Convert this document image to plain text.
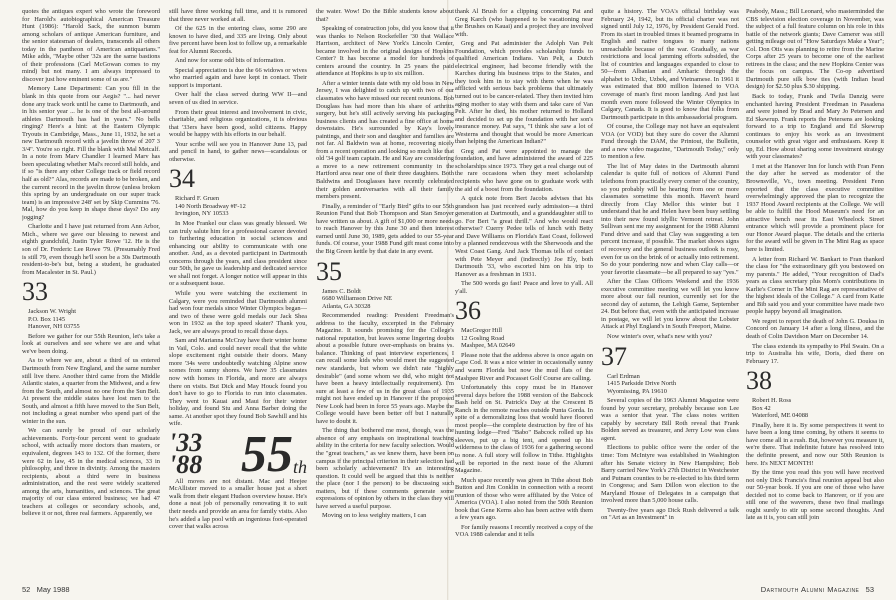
quotes the antiques expert who wrote the foreword for Harold's autobiographical American Treasure Hunt (1986): "Harold Sack, the sunmon bumm among scholars of antique American furniture, and the senior statesman of dealers, transcends all others today in the pantheon of American antiquarians." Mike adds, "Maybe other '32s are the same bastions of their professions (Carl McGowan comes to my mind) but not many. I am always impressed to discover just how eminent some of us are."

Memory Lane Department: Can you fill in the blank in this quote from our Aegis? "... had never done any track work until he came to Dartmouth, and in his senior year ... he is one of the best all-around athletes Dartmouth has had in years." No bells ringing? Here's a hint: at the Eastern Olympic Tryouts in Cambridge, Mass., June 11, 1932, he set a new Dartmouth record with a javelin throw of 207 3 3/4". You're so right. Fill the blank with Mal Metcalf. In a note from Marv Chandler I learned Marv has been speculating whether Mal's record still holds, and if so "is there any other College track or field record half as old?" Alas, records are made to be broken, and the current record in the javelin throw (unless broken this spring by an undergraduate on our super track team) is an impressive 248' set by Skip Cummins '76. Mal, how do you keep in shape these days? Do any jogging?

Charlotte and I have just returned from Ann Arbor, Mich., where we gave our blessing to newest and eighth grandchild, Justin Tyler Rowe '12. He is the son of Dr. Frederic Lee Rowe '79. (Presumably Fred is still 79, even though he'll soon be a 30s Dartmouth resident-to-be's but, being a student, he graduated from Macalester in St. Paul.)

33

Jackson W. Wright
P.O. Box 1145
Hanover, NH 03755

Before we gather for our 55th Reunion, let's take a look at ourselves and see where we are and what we've been doing.

As to where we are, about a third of us entered Dartmouth from New England, and the same number still live there. Another third came from the Middle Atlantic states, a quarter from the Midwest, and a few from the South, and almost no one from the Sun Belt. At present the middle states have lost men to the South, and almost a fifth have moved to the Sun Belt, not including a great number who spend part of the winter in the sun.

We can surely be proud of our scholarly achievements. Forty-four percent went to graduate school, with actually more doctors than masters, or equivalent, degrees 143 to 132. Of the former, there were 62 in law, 45 in the medical sciences, 33 in philosophy, and three in divinity. Among the masters recipients, about a third were in business administration, and the rest were widely scattered among the arts, humanities, and sciences. The great majority of our class entered business; we had 47 teachers at colleges or secondary schools, and, believe it or not, three real farmers. Apparently, we

still have three working full time, and it is rumored that three never worked at all.

Of the 625 in the entering class, some 290 are known to have died, and 335 are living. Only about five percent have been lost to follow up, a remarkable feat for Alumni Records.

And now for some odd bits of information.

Special appreciation is due the 66 widows or wives who married again and have kept in contact. Their support is important.

Over half the class served during WW II—and seven of us died in service.

From their great interest and involvement in civic, charitable, and religious organizations, it is obvious that '33ers have been good, solid citizens. Happy would be happy with his efforts in our behalf.

Your scribe will see you in Hanover June 13, pad and pencil in hand, to gather news—scandalous or otherwise.

34

Richard F. Gruen
140 North Broadway #F-12
Irvington, NY 10533

In Moe Frankel our class was greatly blessed. We can truly salute him for a professional career devoted to furthering education in social sciences and enhancing our ability to communicate with one another. And, as a devoted participant in Dartmouth concerns through the years, and class president since our 50th, he gave us leadership and dedicated service we shall not forget. A longer notice will appear in this or a subsequent issue.

While you were watching the excitement in Calgary, were you reminded that Dartmouth alumni had won four medals since Winter Olympics began—and two of these were gold medals our Jack Shea won in 1932 as the top speed skater? Thank you, Jack, we are always proud to recall those days.

Sam and Marianna McCray have their winter home in Vail, Colo. and could never recall that the white slope excitement right outside their doors. Many more '34s were undoubtedly watching Alpine snow scenes from sunny shores. We have 35 classmates now with homes in Florida, and more are always there on visits. But Dick and May Houck found you don't have to go to Florida to run into classmates. They went to Kauai and Maui for their winter holiday, and found Stu and Anna Barber doing the same. At another spot they found Bob Sawhill and his wife.

'33 '88 55 th

All moves are not distant. Mac and Heejee McAllister moved to a smaller house just a short walk from their elegant Hudson overview house. He's done a neat job of personally renovating it to suit their needs and provide an area for family visits. Also he's added a lap pool with an ingenious foot-operated cover that walks across

the water. Wow! Do the Bible students know about that?

Speaking of construction jobs, did you know that it was thanks to Nelson Rockefeller '30 that Wallace Harrison, architect of New York's Lincoln Center, became involved in the original designs of Hopkins Center? It has become a model for hundreds of centers around the country. In 25 years the paid attendance at Hopkins is up to six million.

After a winter tennis date with my old boss in New Jersey, I was delighted to catch up with two of our classmates who have missed our recent reunions. Bob Douglass has had more than his share of arthritis surgery, but he's still actively serving his packaging business clients and has created a fine office at home downstairs. He's surrounded by Kay's lovely paintings, and their son and daughter and families are not far. Al Baldwin was at home, recovering nicely from a recent operation and looking so much like that old '34 golf team captain. He and Kay are considering a move to a new retirement community in the Hartford area near one of their three daughters. Both Baldwins and Douglasses have recently celebrated their golden anniversaries with all their family members present.

Finally, a reminder of "Early Bird" gifts to our 55th Reunion Fund that Bob Thompson and Stan Smoyer have written us about. A gift of $1,000 or more needs to reach Hanover by this June 30 and then interest earned until June 30, 1989, gets added to our 55-year funds. Of course, your 1988 Fund gift must come into the Big Green kettle by that date in any event.

35

James C. Boldt
6680 Williamson Drive NE
Atlanta, GA 30328

Recommended reading: President Freedman's address to the faculty, excerpted in the February Magazine. It sounds promising for the College's national reputation, but leaves some lingering doubts about a possible future over-emphasis on brains vs. balance. Thinking of past interview experiences, I can recall some kids who would meet the suggested new standards, but whom we didn't rate "highly desirable" (and some whom we did, who might not have been a heavy intellectually requirement). I'm sure at least a few of us in the great class of 1935 might not have ended up in Hanover if the proposed New Look had been in force 55 years ago. Maybe the College would have been better off but I naturally have to doubt it.

The thing that bothered me most, though, was the absence of any emphasis on inspirational teaching ability in the criteria for new faculty selection. Would the "great teachers," as we knew them, have been on campus if the principal criterion in their selection had been scholarly achievement? It's an interesting question. It could well be argued that this is neither the place (nor I the person) to be discussing such matters, but if these comments generate some expressions of opinion by others in the class they will have served a useful purpose.

Moving on to less weighty matters, I can

thank Al Brush for a clipping concerning Pat and Greg Karch (who happened to be vacationing near the Brushes on Kauai) and a project they are involved with.

Greg and Pat administer the Adolph Van Pelt Foundation, which provides scholarship funds to qualified American Indians. Van Pelt, a Dutch electrical engineer, had become friendly with the Karches during his business trips to the States, and they took him in to stay with them when he was afflicted with serious back problems that ultimately turned out to be cancer-related. They then invited him aging mother to stay with them and take care of Van Pelt. After he died, his mother returned to Holland and decided to set up the foundation with her son's insurance money. Pat says, "I think she saw a lot of Westerns and thought that would be more American than helping the American Indian?"

Greg and Pat were appointed to manage the foundation, and have administered the award of 225 scholarships since 1973. They get a real charge out of the rare occasions when they meet scholarship recipients who have gone on to graduate work with the aid of a boost from the foundation.

A quick note from Bert Jacobs advises that his grandson has just received early admission—a third generation at Dartmouth, and a granddaughter still to go. For Bert "a great thrill." And who would react otherwise? Cuerry Pedee tells of lunch with Betty and Dave Williams on Florida's East Coast, followed by a planned rendezvous with the Sherwoods and the West Coast Gang. And Jack Thomas tells of contact with Pete Meyer and (indirectly) Joe Ely, both Dartmouth '33, who escorted him on his trip to Hanover as a freshman in 1931.

The 500 words go fast! Peace and love to y'all. All y'all.

36

MacGregor Hill
12 Gosling Road
Mashpee, MA 02649

Please note that the address above is once again on Cape Cod. It was a nice winter in occasionally sunny and warm Florida but now the mud flats of the Mashpee River and Pocasset Golf Course are calling.

Unfortunately this copy must be in Hanover several days before the 1988 version of the Babcock Bash held on St. Patrick's Day at the Crescent B Ranch in the remote reaches outside Punta Gorda. In spite of a demoralizing loss that would have floored most people—the complete destruction by fire of his hunting lodge—Fred "Babo" Babcock rolled up his sleeves, put up a big tent, and opened up his wilderness to the class of 1936 for a gathering second to none. A full story will follow in Tithe. Highlights will be reported in the next issue of the Alumni Magazine.

Much space recently was given in Tithe about Bob Button and Jim Conklin in connection with a recent reunion of those who were affiliated by the Voice of America (VOA). I also noted from the 50th Reunion book that Gene Kerns also has been active with them a few years ago.

For family reasons I recently received a copy of the VOA 1988 calendar and it tells

quite a history. The VOA's official birthday was February 24, 1942, but its official charter was not signed until July 12, 1976, by President Gerald Ford. From its start in troubled times it beamed programs in English and native tongues to many nations unreachable because of the war. Gradually, as war restrictions and local jamming efforts subsided, the list of countries and languages expanded to close to 50—from Albanian and Amharic through the alphabet to Urdic, Uzbek, and Vietnamese. In 1961 it was estimated that 800 million listened to VOA coverage of man's first moon landing. And just last month even more followed the Winter Olympics in Calgary, Canada. It is good to know that folks from Dartmouth participate in this ambassadorial program.

Of course, the College may not have an equivalent VOA (or VOD) but they sure do cover the Alumni Fund through the DAM, the Printout, the Bulletin, and a new video magazine, "Dartmouth Today," only to mention a few.

The list of May dates in the Dartmouth alumni calendar is quite full of notices of Alumni Fund telethons from practically every corner of the country, so you probably will be hearing from one or more classmates sometime this month. Haven't heard directly from Clay Mellor this winter but I understand that he and Helen have been busy settling into their new found idyllic Vermont retreat. John Sullivan sent me my assignment for the 1988 Alumni Fund drive and said that Clay was suggesting a ten percent increase, if possible. The market shows signs of recovery and the general business outlook is rosy, even for us on the brink of or actually into retirement. So do your pondering now and when Clay calls—or your favorite classmate—be all prepared to say "yes."

After the Class Officers Weekend and the 1936 executive committee meeting we will let you know more about our fall reunion, currently set for the second day of autumn, the Lehigh Game, September 24. But before that, even with the anticipated increase in postage, we will let you know about the Lobster Attack at Phyl England's in South Freeport, Maine.

Now winter's over, what's new with you?

37

Carl Erdman
1415 Parkside Drive North
Wyomissing, PA 19610

Several copies of the 1963 Alumni Magazine were found by your secretary, probably because son Lee was a senior that year. The class notes written capably by secretary Bill Roth reveal that Frank Bolden served as treasurer, and Jerry Low was class agent.

Elections to public office were the order of the time: Tom McIntyre was established in Washington after his Senate victory in New Hampshire; Bob Barry carried New York's 27th District in Westchester and Putnam counties to be re-elected to his third term in Congress; and Sam Dillon won election to the Maryland House of Delegates in a campaign that involved more than 5,000 house calls.

Twenty-five years ago Dick Rush delivered a talk on "Art as an Investment" in

Peabody, Mass.; Bill Leonard, who masterminded the CBS television election coverage in November, was the subject of a full feature column on his role in this battle of the network giants; Dave Camerer was still getting mileage out of "How Saturdays Make a Year"; Col. Don Otis was planning to retire from the Marine Corps after 25 years to become one of the earliest retirees in the class; and the new Hopkins Center was the focus on campus. The Co-op advertised Dartmouth pure silk bow ties (with Indian head design) for $2.50 plus $.30 shipping.

Back to today, Frank and Twila Danzig were enchanted having President Freedman in Pasadena and were joined by Brad and Mary Jo Petersen and Ed Skewrup. Frank reports the Petersens are looking forward to a trip to England and Ed Skewrup continues to enjoy his work as an investment counselor with great vigor and enthusiasm. Keep it up, Ed. How about sharing some investment strategy with your classmates?

I met at the Hanover Inn for lunch with Fran Fenn the day after he served as moderator of the Brownsville, Vt., town meeting. President Fenn reported that the class executive committee overwhelmingly approved the plan to recognize the 1937 Hood Award recipients at the College. We will be able to fulfill the Hood Museum's need for an attractive bench near its East Wheelock Street entrance which will provide a prominent place for our Honor Award plaque. The details and the criteria for the award will be given in The Mini Rag as space here is limited.

A letter from Richard W. Bankart to Fran thanked the class for "the extraordinary gift you bestowed on my parents." He added, "Your recognition of Dad's years as class secretary plus Mom's contributions in Karlie's Corner in The Mini Rag are representative of the highest ideals of the College." A card from Katie and Bib said you and your committee have made two people happy beyond all imagination.

We regret to report the death of John G. Douksa in Concord on January 14 after a long illness, and the death of Colin Davidson Marr on December 14.

The class extends its sympathy to Phil Swain. On a trip to Australia his wife, Doris, died there on February 17.

38

Robert H. Ross
Box 42
Waterford, ME 04088

Finally, here it is. By some perspectives it went to have been a long time coming, by others it seems to have come all in a rush. But, however you measure it, we're there. That indefinite future has resolved into the definite present, and now our 50th Reunion is here. It's NEXT MONTH!

By the time you read this you will have received not only Dick Francis's final reunion appeal but also our 50-year book. If you are one of those who have decided not to come back to Hanover, or if you are still one of the waverers, these two final mailings ought surely to stir up some second thoughts. And late as it is, you can still join

52 May 1988	Dartmouth Alumni Magazine 53
